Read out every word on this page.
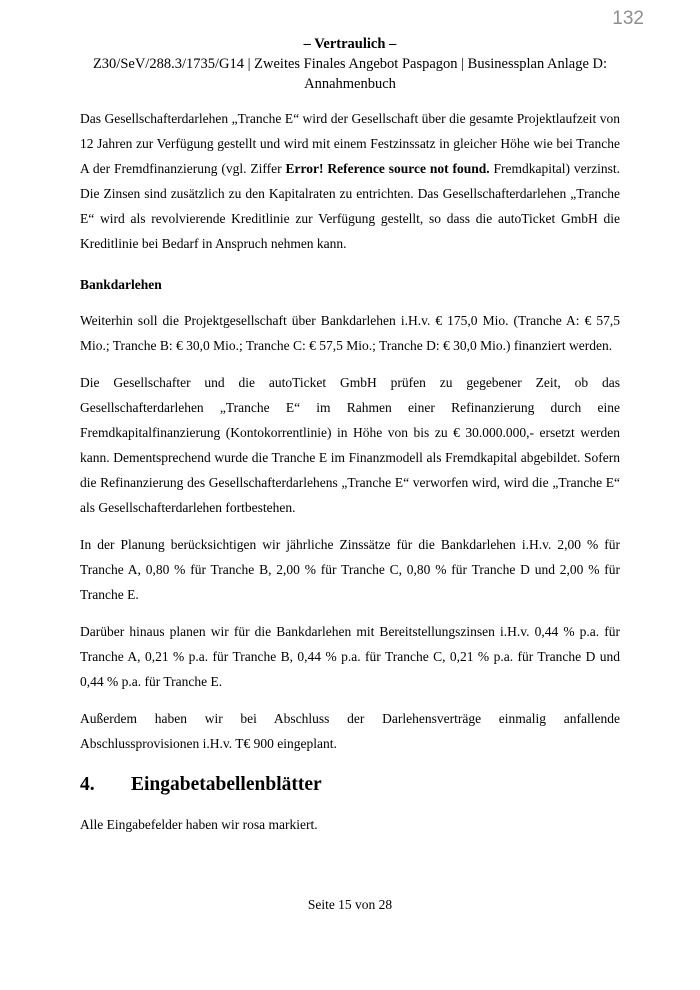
132
– Vertraulich –
Z30/SeV/288.3/1735/G14 | Zweites Finales Angebot Paspagon | Businessplan Anlage D: Annahmenbuch

Das Gesellschafterdarlehen „Tranche E“ wird der Gesellschaft über die gesamte Projektlaufzeit von 12 Jahren zur Verfügung gestellt und wird mit einem Festzinssatz in gleicher Höhe wie bei Tranche A der Fremdfinanzierung (vgl. Ziffer Error! Reference source not found. Fremdkapital) verzinst. Die Zinsen sind zusätzlich zu den Kapitalraten zu entrichten. Das Gesellschafterdarlehen „Tranche E“ wird als revolvierende Kreditlinie zur Verfügung gestellt, so dass die autoTicket GmbH die Kreditlinie bei Bedarf in Anspruch nehmen kann.

Bankdarlehen

Weiterhin soll die Projektgesellschaft über Bankdarlehen i.H.v. € 175,0 Mio. (Tranche A: € 57,5 Mio.; Tranche B: € 30,0 Mio.; Tranche C: € 57,5 Mio.; Tranche D: € 30,0 Mio.) finanziert werden.

Die Gesellschafter und die autoTicket GmbH prüfen zu gegebener Zeit, ob das Gesellschafterdarlehen „Tranche E“ im Rahmen einer Refinanzierung durch eine Fremdkapitalfinanzierung (Kontokorrentlinie) in Höhe von bis zu € 30.000.000,- ersetzt werden kann. Dementsprechend wurde die Tranche E im Finanzmodell als Fremdkapital abgebildet. Sofern die Refinanzierung des Gesellschafterdarlehens „Tranche E“ verworfen wird, wird die „Tranche E“ als Gesellschafterdarlehen fortbestehen.

In der Planung berücksichtigen wir jährliche Zinssätze für die Bankdarlehen i.H.v. 2,00 % für Tranche A, 0,80 % für Tranche B, 2,00 % für Tranche C, 0,80 % für Tranche D und 2,00 % für Tranche E.

Darüber hinaus planen wir für die Bankdarlehen mit Bereitstellungszinsen i.H.v. 0,44 % p.a. für Tranche A, 0,21 % p.a. für Tranche B, 0,44 % p.a. für Tranche C, 0,21 % p.a. für Tranche D und 0,44 % p.a. für Tranche E.

Außerdem haben wir bei Abschluss der Darlehensverträge einmalig anfallende Abschlussprovisionen i.H.v. T€ 900 eingeplant.

4.	Eingabetabellenblätter

Alle Eingabefelder haben wir rosa markiert.

Seite 15 von 28
